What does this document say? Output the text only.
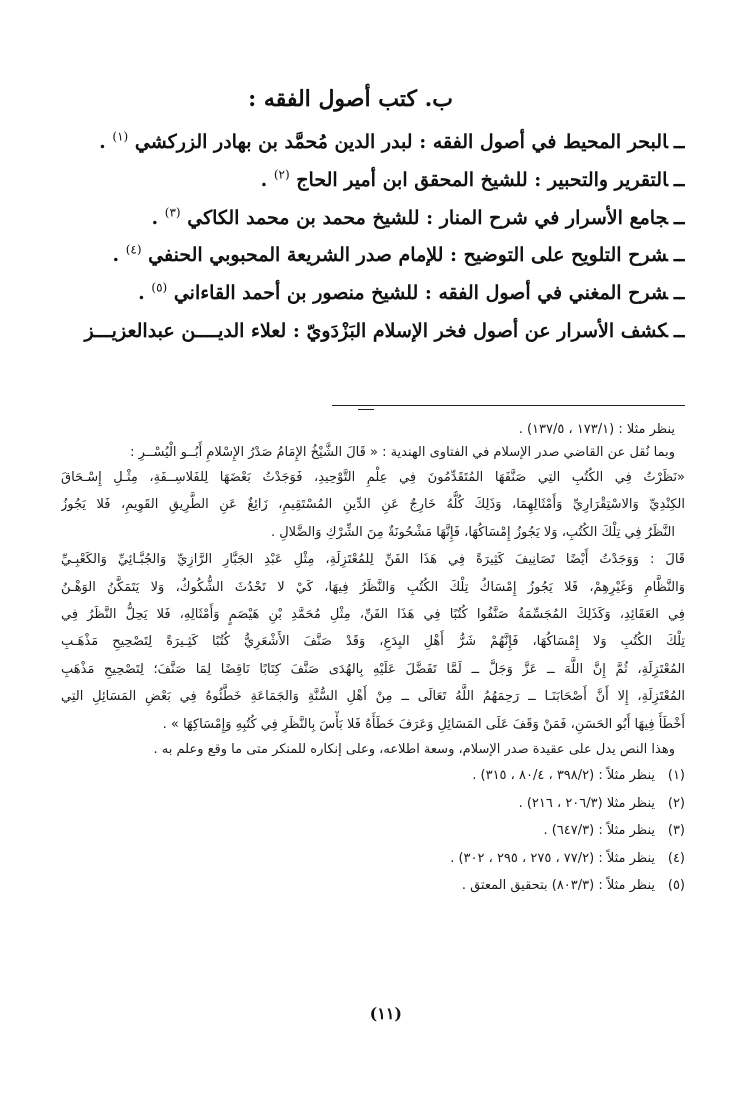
ب. كتب أصول الفقه :
ــالبحر المحيط في أصول الفقه : لبدر الدين مُحمَّد بن بهادر الزركشي $^{(١)}$ .
ــالتقرير والتحبير : للشيخ المحقق ابن أمير الحاج $^{(٢)}$ .
ــجامع الأسرار في شرح المنار : للشيخ محمد بن محمد الكاكي $^{(٣)}$ .
ــشرح التلويح على التوضيح : للإمام صدر الشريعة المحبوبي الحنفي $^{(٤)}$ .
ــشرح المغني في أصول الفقه : للشيخ منصور بن أحمد القاءاني $^{(٥)}$ .
ــكشف الأسرار عن أصول فخر الإسلام البَزْدَويّ : لعلاء الديــــن عبدالعزيـــز
ينظر مثلا : (١٧٣/١ ، ١٣٧/٥) .
وبما نُقل عن القاضي صدر الإسلام في الفتاوى الهندية : « قَالَ الشَّيْخُ الإِمَامُ صَدْرُ الإِسْلامِ أَبُــو الْيُسْــرِ :
«نَظَرْتُ فِي الكُتُبِ التِي صَنَّفَهَا المُتَقَدِّمُونَ فِي عِلْمِ التَّوْحِيدِ، فَوَجَدْتُ بَعْضَهَا لِلفَلاسِــفَةِ، مِثْـلِ إِسْـحَاقَ
الكِنْدِيِّ وَالاسْتِقْرَارِيِّ وَأَمْثَالِهِمَا، وَذَلِكَ كُلُّهُ خَارِجٌ عَنِ الدِّينِ المُسْتَقِيمِ، زَائِغٌ عَنِ الطَّرِيقِ القَوِيمِ، فَلا يَجُوزُ
النَّظَرُ فِي تِلْكَ الكُتُبِ، وَلا يَجُوزُ إِمْسَاكُهَا، فَإِنَّهَا مَشْحُونَةٌ مِنَ الشِّرْكِ وَالضَّلالِ .
قَالَ : وَوَجَدْتُ أَيْضًا تَصَانِيفَ كَثِيرَةً فِي هَذَا الفَنِّ لِلمُعْتَزِلَةِ، مِثْلِ عَبْدِ الجَبَّارِ الرَّازِيِّ وَالجُبَّـائِيِّ وَالكَعْبِـيِّ
وَالنَّظَّامِ وَغَيْرِهِمْ، فَلا يَجُوزُ إِمْسَاكُ تِلْكَ الكُتُبِ وَالنَّظَرُ فِيهَا، كَيْ لا تَحْدُثَ الشُّكُوكُ، وَلا يَتَمَكَّنُ الوَهْـنُ
فِي العَقَائِدِ، وَكَذَلِكَ المُجَسِّمَةُ صَنَّفُوا كُتُبًا فِي هَذَا الفَنِّ، مِثْلِ مُحَمَّدِ بْنِ هَيْصَمٍ وَأَمْثَالِهِ، فَلا يَحِلُّ النَّظَرُ فِي
تِلْكَ الكُتُبِ وَلا إِمْسَاكُهَا، فَإِنَّهُمْ شَرُّ أَهْلِ البِدَعِ، وَقَدْ صَنَّفَ الأَشْعَرِيُّ كُتُبًا كَثِـيرَةً لِتَصْحِيحِ مَذْهَـبِ
المُعْتَزِلَةِ، ثُمَّ إِنَّ اللَّهَ ــ عَزَّ وَجَلَّ ــ لَمَّا تَفَضَّلَ عَلَيْهِ بِالهُدَى صَنَّفَ كِتَابًا نَاقِضًا لِمَا صَنَّفَ؛ لِتَصْحِيحِ مَذْهَبِ
المُعْتَزِلَةِ، إِلا أَنَّ أَصْحَابَنَـا ــ رَحِمَهُمُ اللَّهُ تَعَالَى ــ مِنْ أَهْلِ السُّنَّةِ وَالجَمَاعَةِ خَطَّئُوهُ فِي بَعْضِ المَسَائِلِ التِي
أَخْطَأَ فِيهَا أَبُو الحَسَنِ، فَمَنْ وَقَفَ عَلَى المَسَائِلِ وَعَرَفَ خَطَأَهُ فَلا بَأْسَ بِالنَّظَرِ فِي كُتُبِهِ وَإِمْسَاكِهَا » .
وهذا النص يدل على عقيدة صدر الإسلام، وسعة اطلاعه، وعلى إنكاره للمنكر متى ما وقع وعلم به .
(١)ينظر مثلاً : (٣٩٨/٢ ، ٨٠/٤ ، ٣١٥) .
(٢)ينظر مثلا (٢٠٦/٣ ، ٢١٦) .
(٣)ينظر مثلاً : (٦٤٧/٣) .
(٤)ينظر مثلاً : (٧٧/٢ ، ٢٧٥ ، ٢٩٥ ، ٣٠٢) .
(٥)ينظر مثلاً : (٨٠٣/٣) بتحقيق المعتق .
(١١)
